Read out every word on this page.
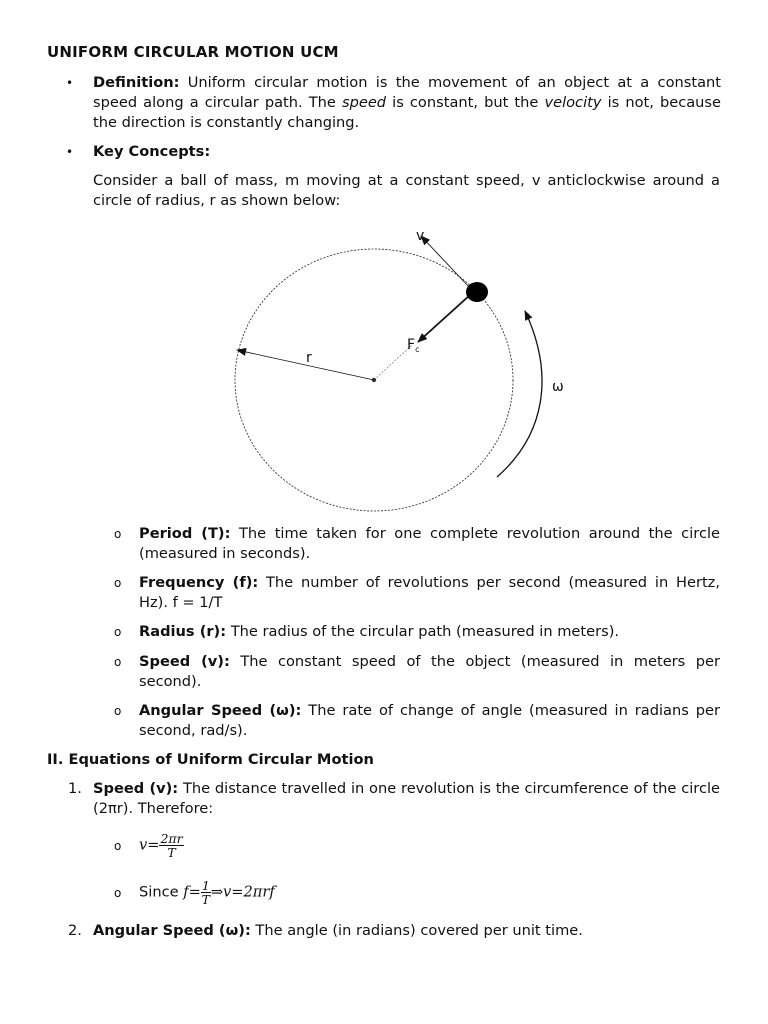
UNIFORM CIRCULAR MOTION UCM
•	Definition: Uniform circular motion is the movement of an object at a constant speed along a circular path. The speed is constant, but the velocity is not, because the direction is constantly changing.
•	Key Concepts:
Consider a ball of mass, m moving at a constant speed, v anticlockwise around a circle of radius, r as shown below:
v
r
$F_c$
ω
o Period (T): The time taken for one complete revolution around the circle (measured in seconds).
o Frequency (f): The number of revolutions per second (measured in Hertz, Hz). f = 1/T
o Radius (r): The radius of the circular path (measured in meters).
o Speed (v): The constant speed of the object (measured in meters per second).
o Angular Speed (ω): The rate of change of angle (measured in radians per second, rad/s).
II. Equations of Uniform Circular Motion
1. Speed (v): The distance travelled in one revolution is the circumference of the circle (2πr). Therefore:
o $v= \frac{2\pi r}{T}$
o Since $f= \frac{1}{T}$ ⇒v=2πrf
2. Angular Speed (ω): The angle (in radians) covered per unit time.
